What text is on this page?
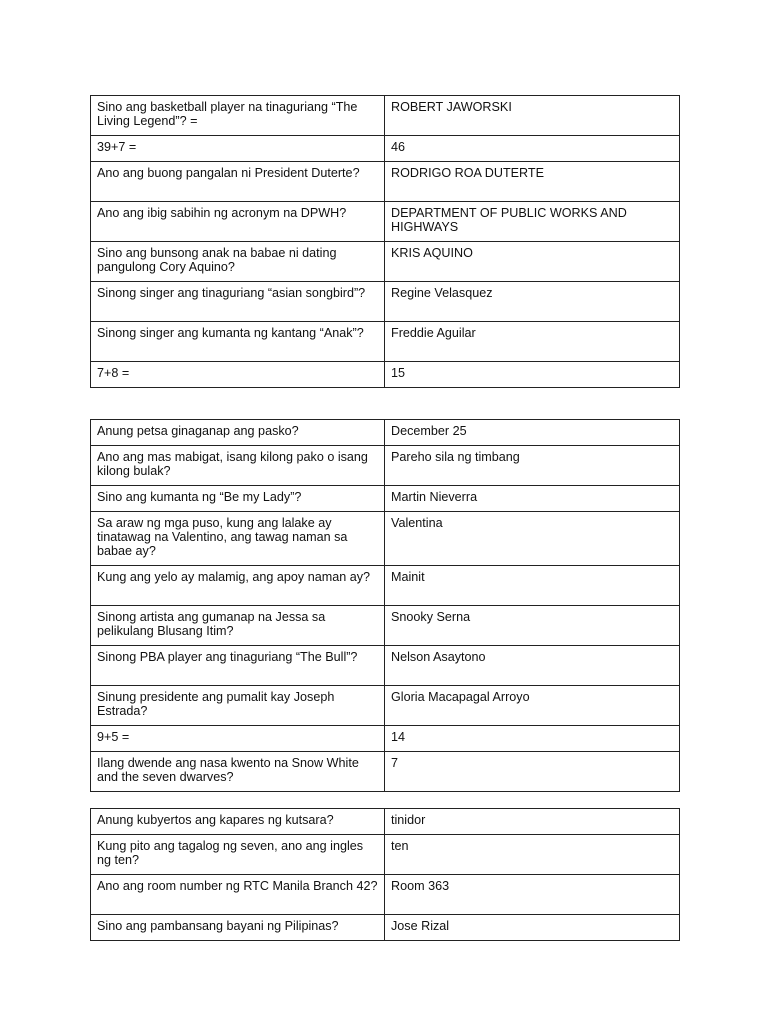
Sino ang basketball player na tinaguriang “The Living Legend”? =	ROBERT JAWORSKI
39+7 =	46
Ano ang buong pangalan ni President Duterte?	RODRIGO ROA DUTERTE
Ano ang ibig sabihin ng acronym na DPWH?	DEPARTMENT OF PUBLIC WORKS AND HIGHWAYS
Sino ang bunsong anak na babae ni dating pangulong Cory Aquino?	KRIS AQUINO
Sinong singer ang tinaguriang “asian songbird”?	Regine Velasquez
Sinong singer ang kumanta ng kantang “Anak”?	Freddie Aguilar
7+8 =	15
Anung petsa ginaganap ang pasko?	December 25
Ano ang mas mabigat, isang kilong pako o isang kilong bulak?	Pareho sila ng timbang
Sino ang kumanta ng “Be my Lady”?	Martin Nieverra
Sa araw ng mga puso, kung ang lalake ay tinatawag na Valentino, ang tawag naman sa babae ay?	Valentina
Kung ang yelo ay malamig, ang apoy naman ay?	Mainit
Sinong artista ang gumanap na Jessa sa pelikulang Blusang Itim?	Snooky Serna
Sinong PBA player ang tinaguriang “The Bull”?	Nelson Asaytono
Sinung presidente ang pumalit kay Joseph Estrada?	Gloria Macapagal Arroyo
9+5 =	14
Ilang dwende ang nasa kwento na Snow White and the seven dwarves?	7
Anung kubyertos ang kapares ng kutsara?	tinidor
Kung pito ang tagalog ng seven, ano ang ingles ng ten?	ten
Ano ang room number ng RTC Manila Branch 42?	Room 363
Sino ang pambansang bayani ng Pilipinas?	Jose Rizal
